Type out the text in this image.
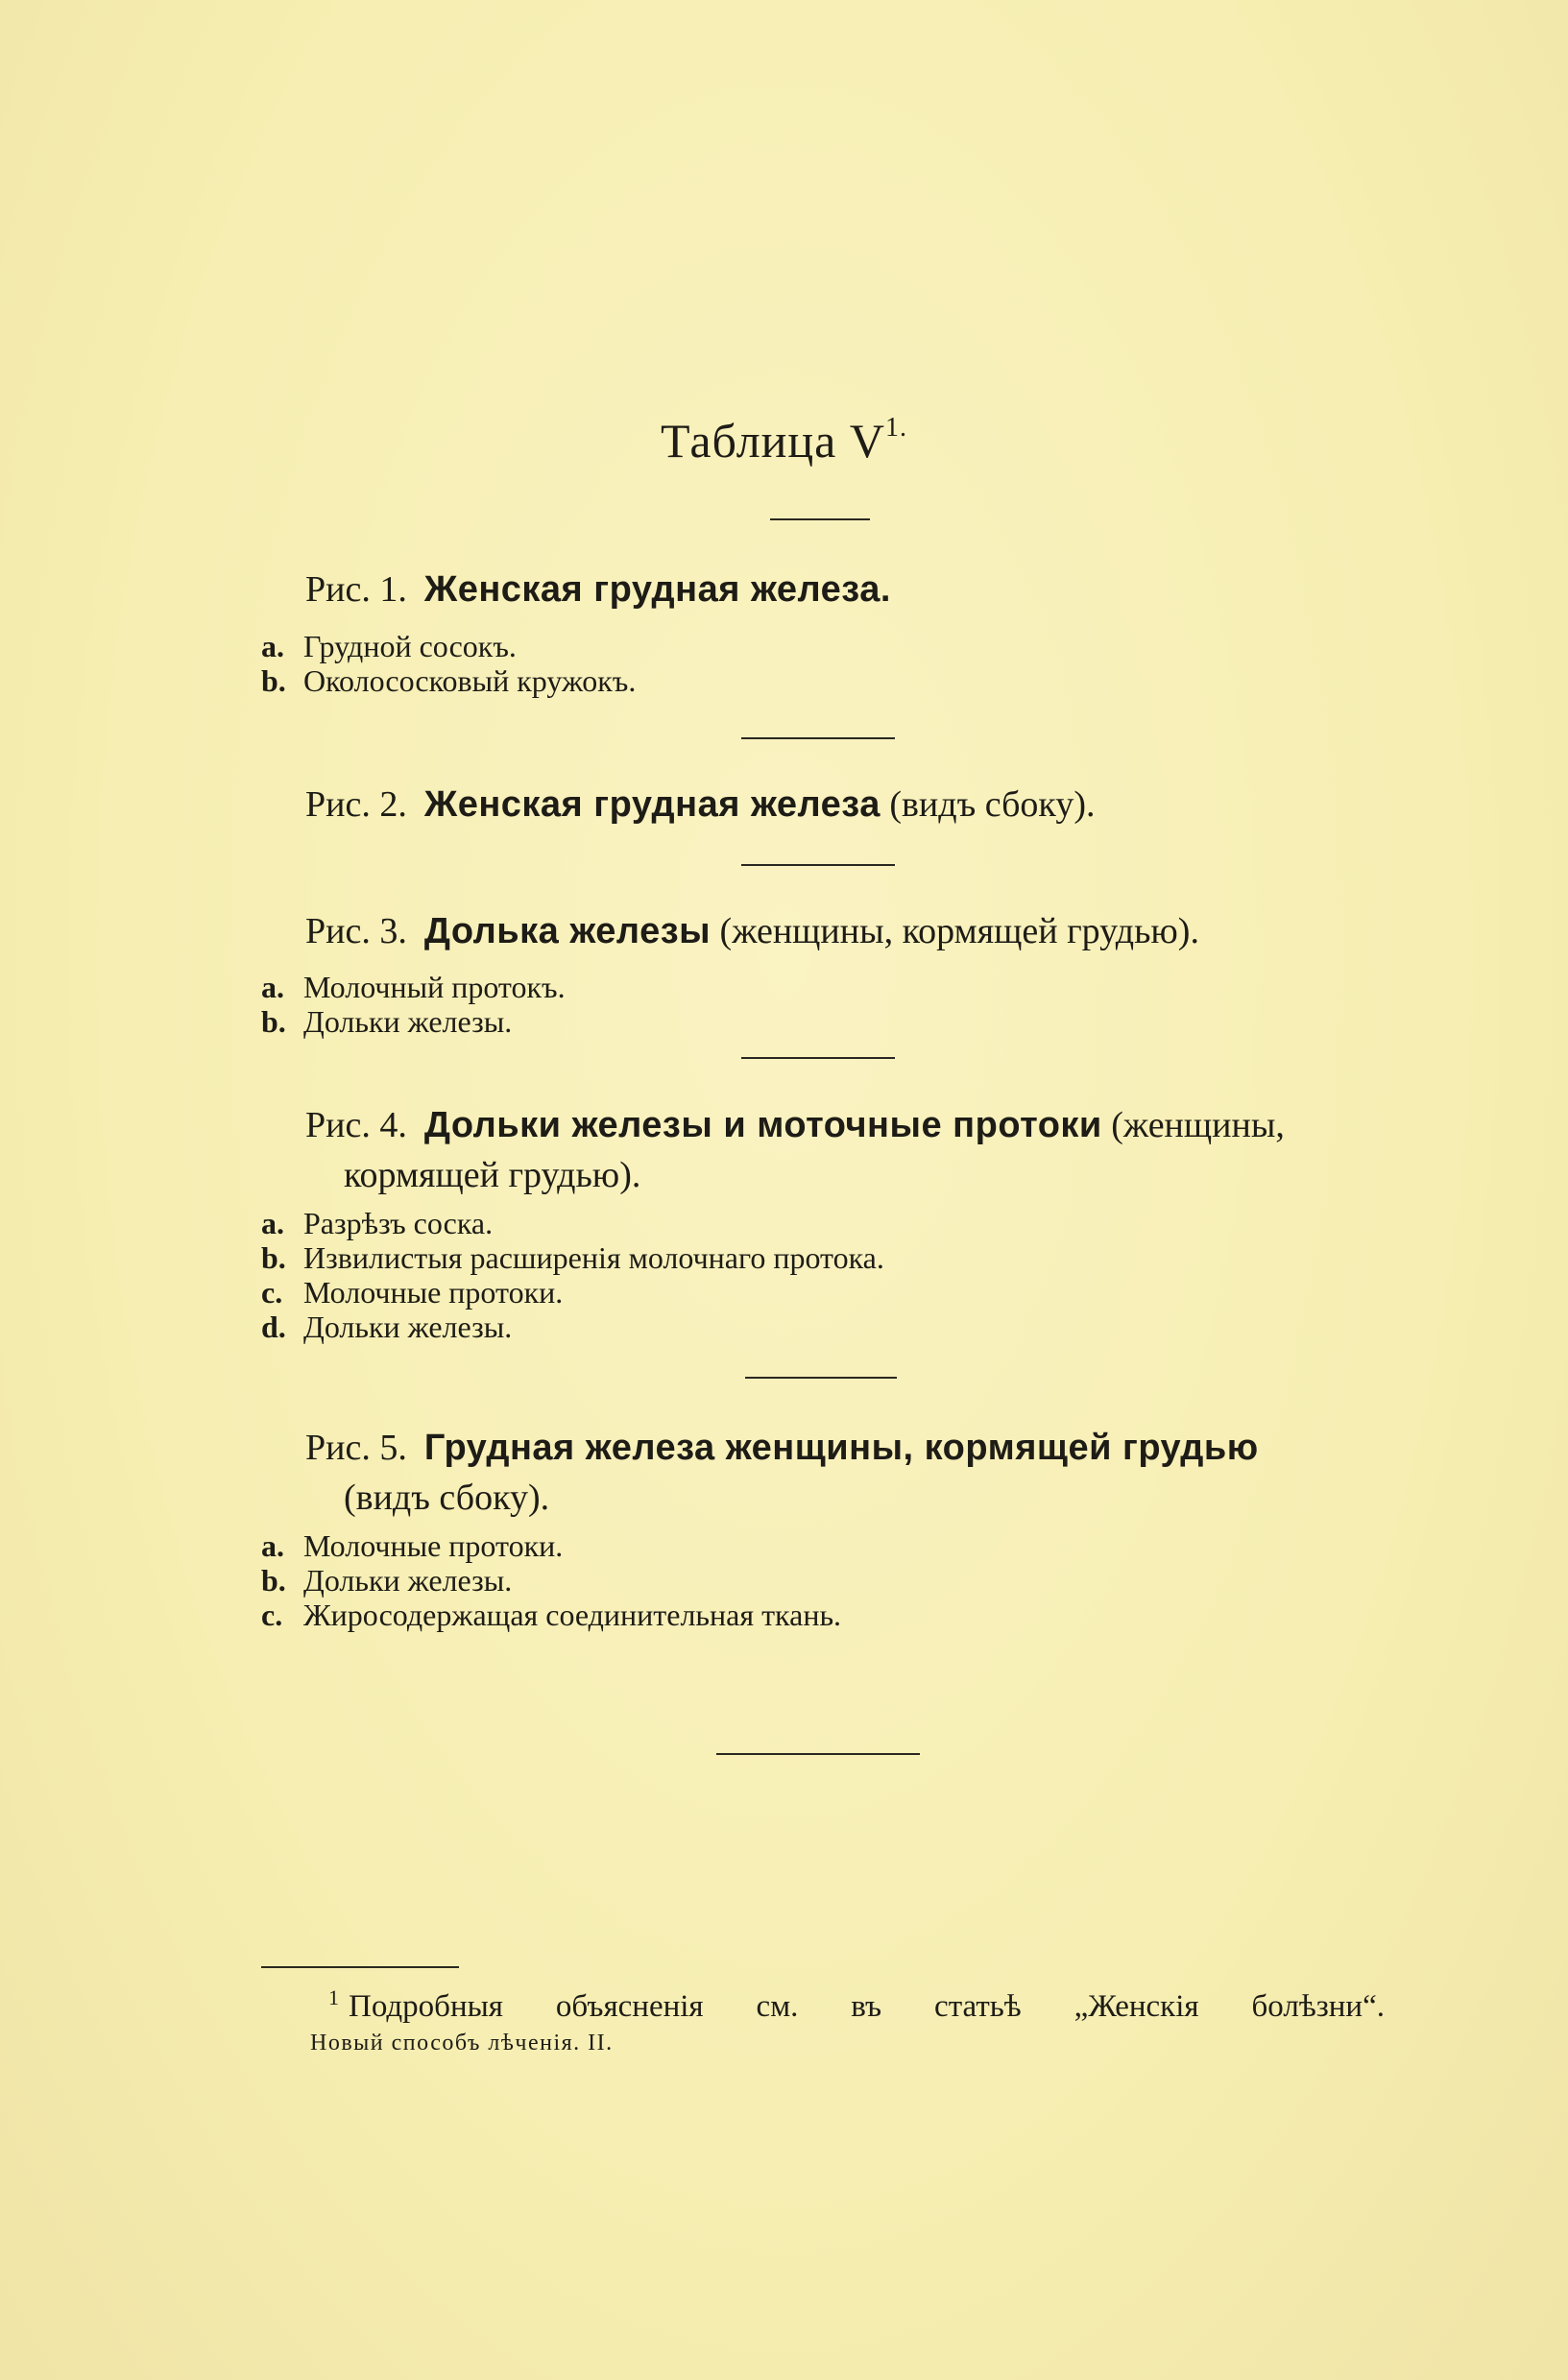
Таблица $V^{1.}$
Рис. 1. Женская грудная железа.
a. Грудной сосокъ.
b. Околососковый кружокъ.
Рис. 2. Женская грудная железа (видъ сбоку).
Рис. 3. Долька железы (женщины, кормящей грудью).
a. Молочный протокъ.
b. Дольки железы.
Рис. 4. Дольки железы и моточные протоки (женщины,
кормящей грудью).
a. Разрѣзъ соска.
b. Извилистыя расширенія молочнаго протока.
c. Молочные протоки.
d. Дольки железы.
Рис. 5. Грудная железа женщины, кормящей грудью
(видъ сбоку).
a. Молочные протоки.
b. Дольки железы.
c. Жиросодержащая соединительная ткань.
$^1$ Подробныя объясненія см. въ статьѣ „Женскія болѣзни“.
Новый способъ лѣченія. II.
